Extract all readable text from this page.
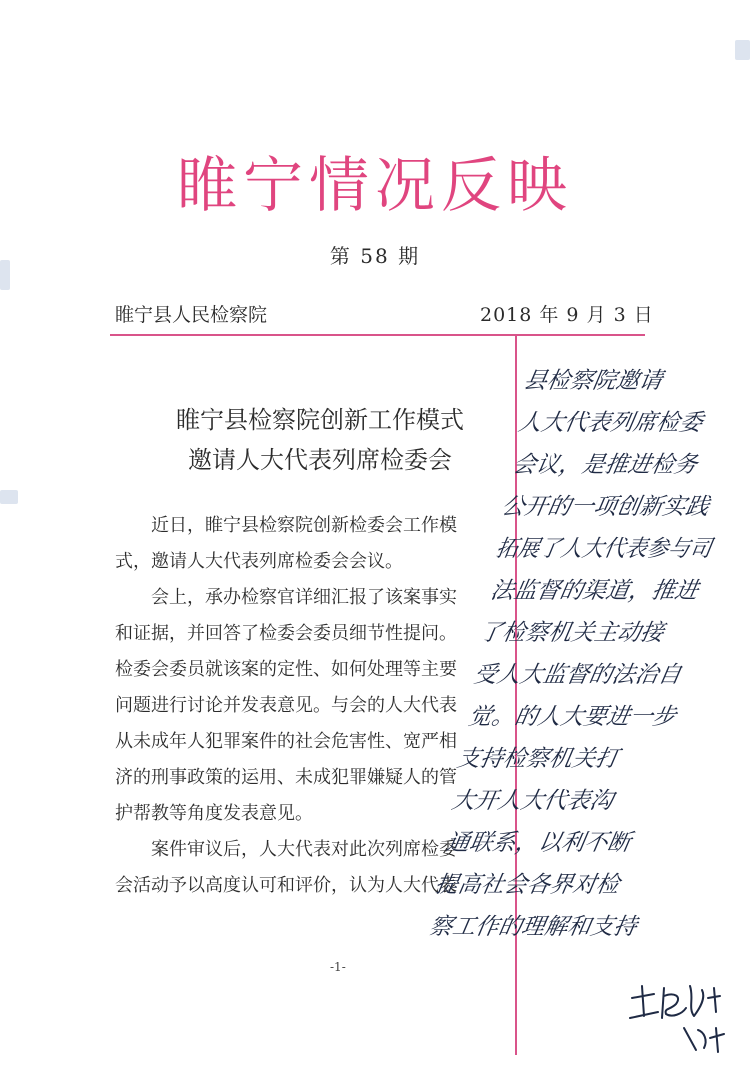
睢宁情况反映
第 58 期
睢宁县人民检察院	2018 年 9 月 3 日
睢宁县检察院创新工作模式
邀请人大代表列席检委会

近日，睢宁县检察院创新检委会工作模

式，邀请人大代表列席检委会会议。

会上，承办检察官详细汇报了该案事实

和证据，并回答了检委会委员细节性提问。

检委会委员就该案的定性、如何处理等主要

问题进行讨论并发表意见。与会的人大代表

从未成年人犯罪案件的社会危害性、宽严相

济的刑事政策的运用、未成犯罪嫌疑人的管

护帮教等角度发表意见。

案件审议后，人大代表对此次列席检委

会活动予以高度认可和评价，认为人大代表

-1-
县检察院邀请
人大代表列席检委
会议，是推进检务
公开的一项创新实践
拓展了人大代表参与司
法监督的渠道，推进
了检察机关主动接
受人大监督的法治自
觉。的人大要进一步
支持检察机关打
大开人大代表沟
通联系，以利不断
提高社会各界对检
察工作的理解和支持
